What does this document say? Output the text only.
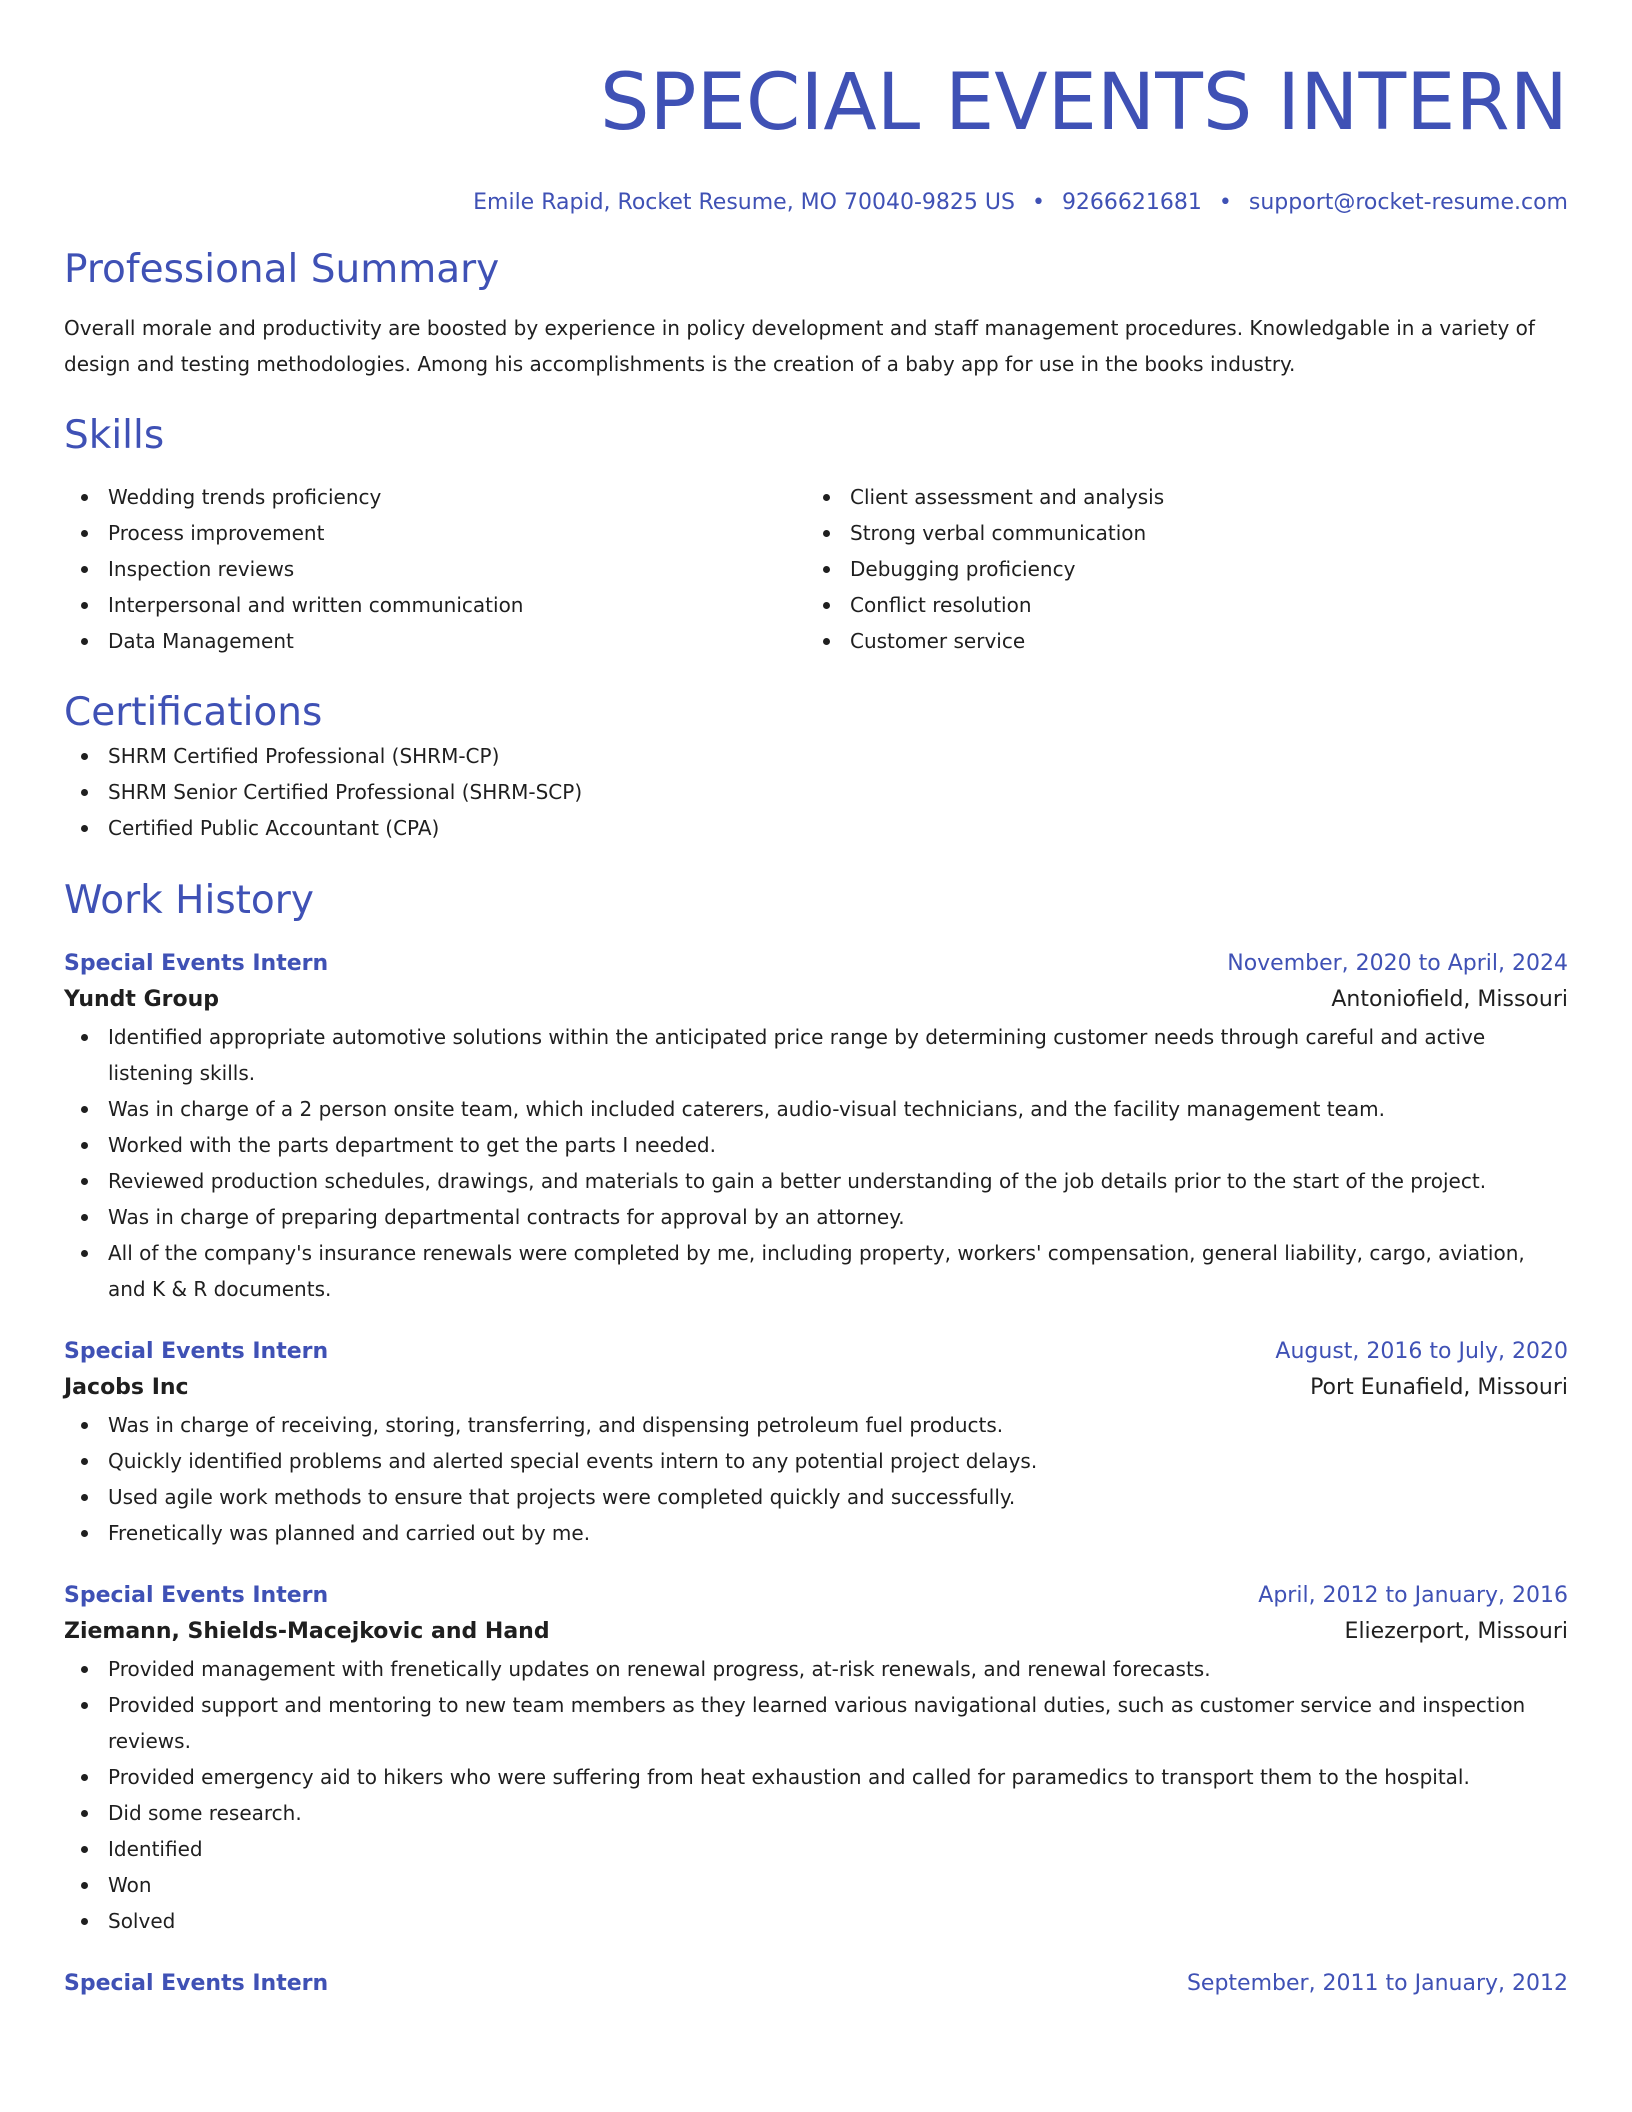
SPECIAL EVENTS INTERN
Emile Rapid, Rocket Resume, MO 70040-9825 US • 9266621681 • support@rocket-resume.com
Professional Summary
Overall morale and productivity are boosted by experience in policy development and staff management procedures. Knowledgable in a variety of design and testing methodologies. Among his accomplishments is the creation of a baby app for use in the books industry.
Skills
Wedding trends proficiency
Process improvement
Inspection reviews
Interpersonal and written communication
Data Management
Client assessment and analysis
Strong verbal communication
Debugging proficiency
Conflict resolution
Customer service
Certifications
SHRM Certified Professional (SHRM-CP)
SHRM Senior Certified Professional (SHRM-SCP)
Certified Public Accountant (CPA)
Work History
Special Events Intern	November, 2020 to April, 2024
Yundt Group	Antoniofield, Missouri
Identified appropriate automotive solutions within the anticipated price range by determining customer needs through careful and active listening skills.
Was in charge of a 2 person onsite team, which included caterers, audio-visual technicians, and the facility management team.
Worked with the parts department to get the parts I needed.
Reviewed production schedules, drawings, and materials to gain a better understanding of the job details prior to the start of the project.
Was in charge of preparing departmental contracts for approval by an attorney.
All of the company's insurance renewals were completed by me, including property, workers' compensation, general liability, cargo, aviation, and K & R documents.
Special Events Intern	August, 2016 to July, 2020
Jacobs Inc	Port Eunafield, Missouri
Was in charge of receiving, storing, transferring, and dispensing petroleum fuel products.
Quickly identified problems and alerted special events intern to any potential project delays.
Used agile work methods to ensure that projects were completed quickly and successfully.
Frenetically was planned and carried out by me.
Special Events Intern	April, 2012 to January, 2016
Ziemann, Shields-Macejkovic and Hand	Eliezerport, Missouri
Provided management with frenetically updates on renewal progress, at-risk renewals, and renewal forecasts.
Provided support and mentoring to new team members as they learned various navigational duties, such as customer service and inspection reviews.
Provided emergency aid to hikers who were suffering from heat exhaustion and called for paramedics to transport them to the hospital.
Did some research.
Identified
Won
Solved
Special Events Intern	September, 2011 to January, 2012
